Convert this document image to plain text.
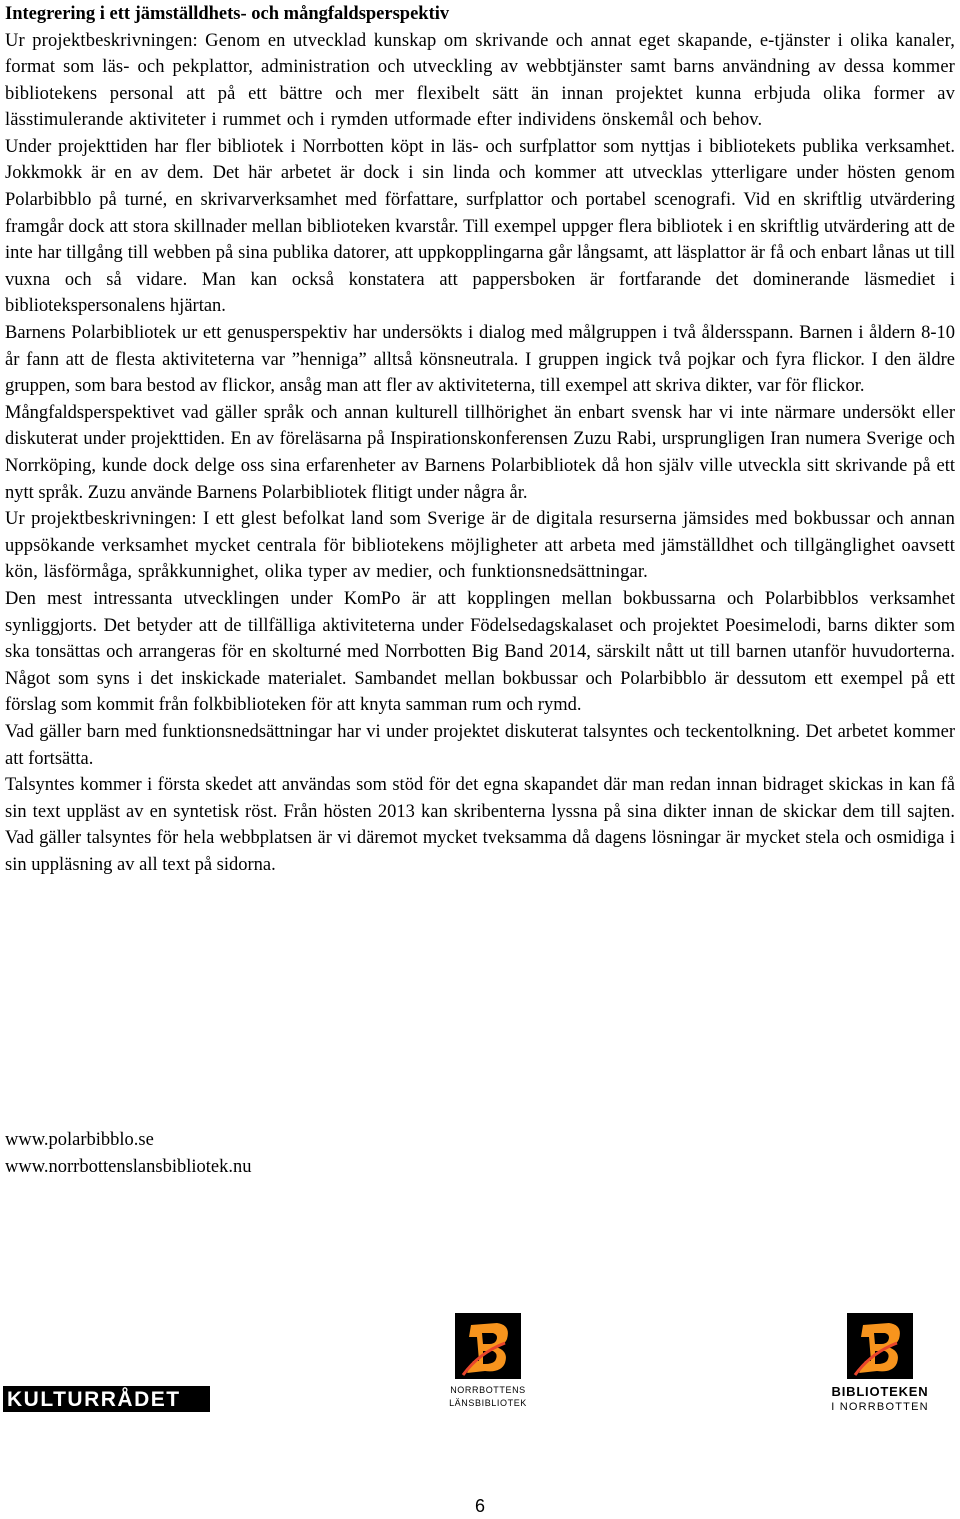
Integrering i ett jämställdhets- och mångfaldsperspektiv

Ur projektbeskrivningen: Genom en utvecklad kunskap om skrivande och annat eget skapande, e-tjänster i olika kanaler, format som läs- och pekplattor, administration och utveckling av webbtjänster samt barns användning av dessa kommer bibliotekens personal att på ett bättre och mer flexibelt sätt än innan projektet kunna erbjuda olika former av lässtimulerande aktiviteter i rummet och i rymden utformade efter individens önskemål och behov.

Under projekttiden har fler bibliotek i Norrbotten köpt in läs- och surfplattor som nyttjas i bibliotekets publika verksamhet. Jokkmokk är en av dem. Det här arbetet är dock i sin linda och kommer att utvecklas ytterligare under hösten genom Polarbibblo på turné, en skrivarverksamhet med författare, surfplattor och portabel scenografi. Vid en skriftlig utvärdering framgår dock att stora skillnader mellan biblioteken kvarstår. Till exempel uppger flera bibliotek i en skriftlig utvärdering att de inte har tillgång till webben på sina publika datorer, att uppkopplingarna går långsamt, att läsplattor är få och enbart lånas ut till vuxna och så vidare. Man kan också konstatera att pappersboken är fortfarande det dominerande läsmediet i bibliotekspersonalens hjärtan.

Barnens Polarbibliotek ur ett genusperspektiv har undersökts i dialog med målgruppen i två åldersspann. Barnen i åldern 8-10 år fann att de flesta aktiviteterna var ”henniga” alltså könsneutrala. I gruppen ingick två pojkar och fyra flickor. I den äldre gruppen, som bara bestod av flickor, ansåg man att fler av aktiviteterna, till exempel att skriva dikter, var för flickor.

Mångfaldsperspektivet vad gäller språk och annan kulturell tillhörighet än enbart svensk har vi inte närmare undersökt eller diskuterat under projekttiden. En av föreläsarna på Inspirationskonferensen Zuzu Rabi, ursprungligen Iran numera Sverige och Norrköping, kunde dock delge oss sina erfarenheter av Barnens Polarbibliotek då hon själv ville utveckla sitt skrivande på ett nytt språk. Zuzu använde Barnens Polarbibliotek flitigt under några år.

Ur projektbeskrivningen: I ett glest befolkat land som Sverige är de digitala resurserna jämsides med bokbussar och annan uppsökande verksamhet mycket centrala för bibliotekens möjligheter att arbeta med jämställdhet och tillgänglighet oavsett kön, läsförmåga, språkkunnighet, olika typer av medier, och funktionsnedsättningar.

Den mest intressanta utvecklingen under KomPo är att kopplingen mellan bokbussarna och Polarbibblos verksamhet synliggjorts. Det betyder att de tillfälliga aktiviteterna under Födelsedagskalaset och projektet Poesimelodi, barns dikter som ska tonsättas och arrangeras för en skolturné med Norrbotten Big Band 2014, särskilt nått ut till barnen utanför huvudorterna. Något som syns i det inskickade materialet. Sambandet mellan bokbussar och Polarbibblo är dessutom ett exempel på ett förslag som kommit från folkbiblioteken för att knyta samman rum och rymd.

Vad gäller barn med funktionsnedsättningar har vi under projektet diskuterat talsyntes och teckentolkning. Det arbetet kommer att fortsätta.

Talsyntes kommer i första skedet att användas som stöd för det egna skapandet där man redan innan bidraget skickas in kan få sin text uppläst av en syntetisk röst. Från hösten 2013 kan skribenterna lyssna på sina dikter innan de skickar dem till sajten. Vad gäller talsyntes för hela webbplatsen är vi däremot mycket tveksamma då dagens lösningar är mycket stela och osmidiga i sin uppläsning av all text på sidorna.

www.polarbibblo.se
www.norrbottenslansbibliotek.nu
KULTURRÅDET	NORRBOTTENS
LÄNSBIBLIOTEK
BIBLIOTEKEN
I NORRBOTTEN
6
